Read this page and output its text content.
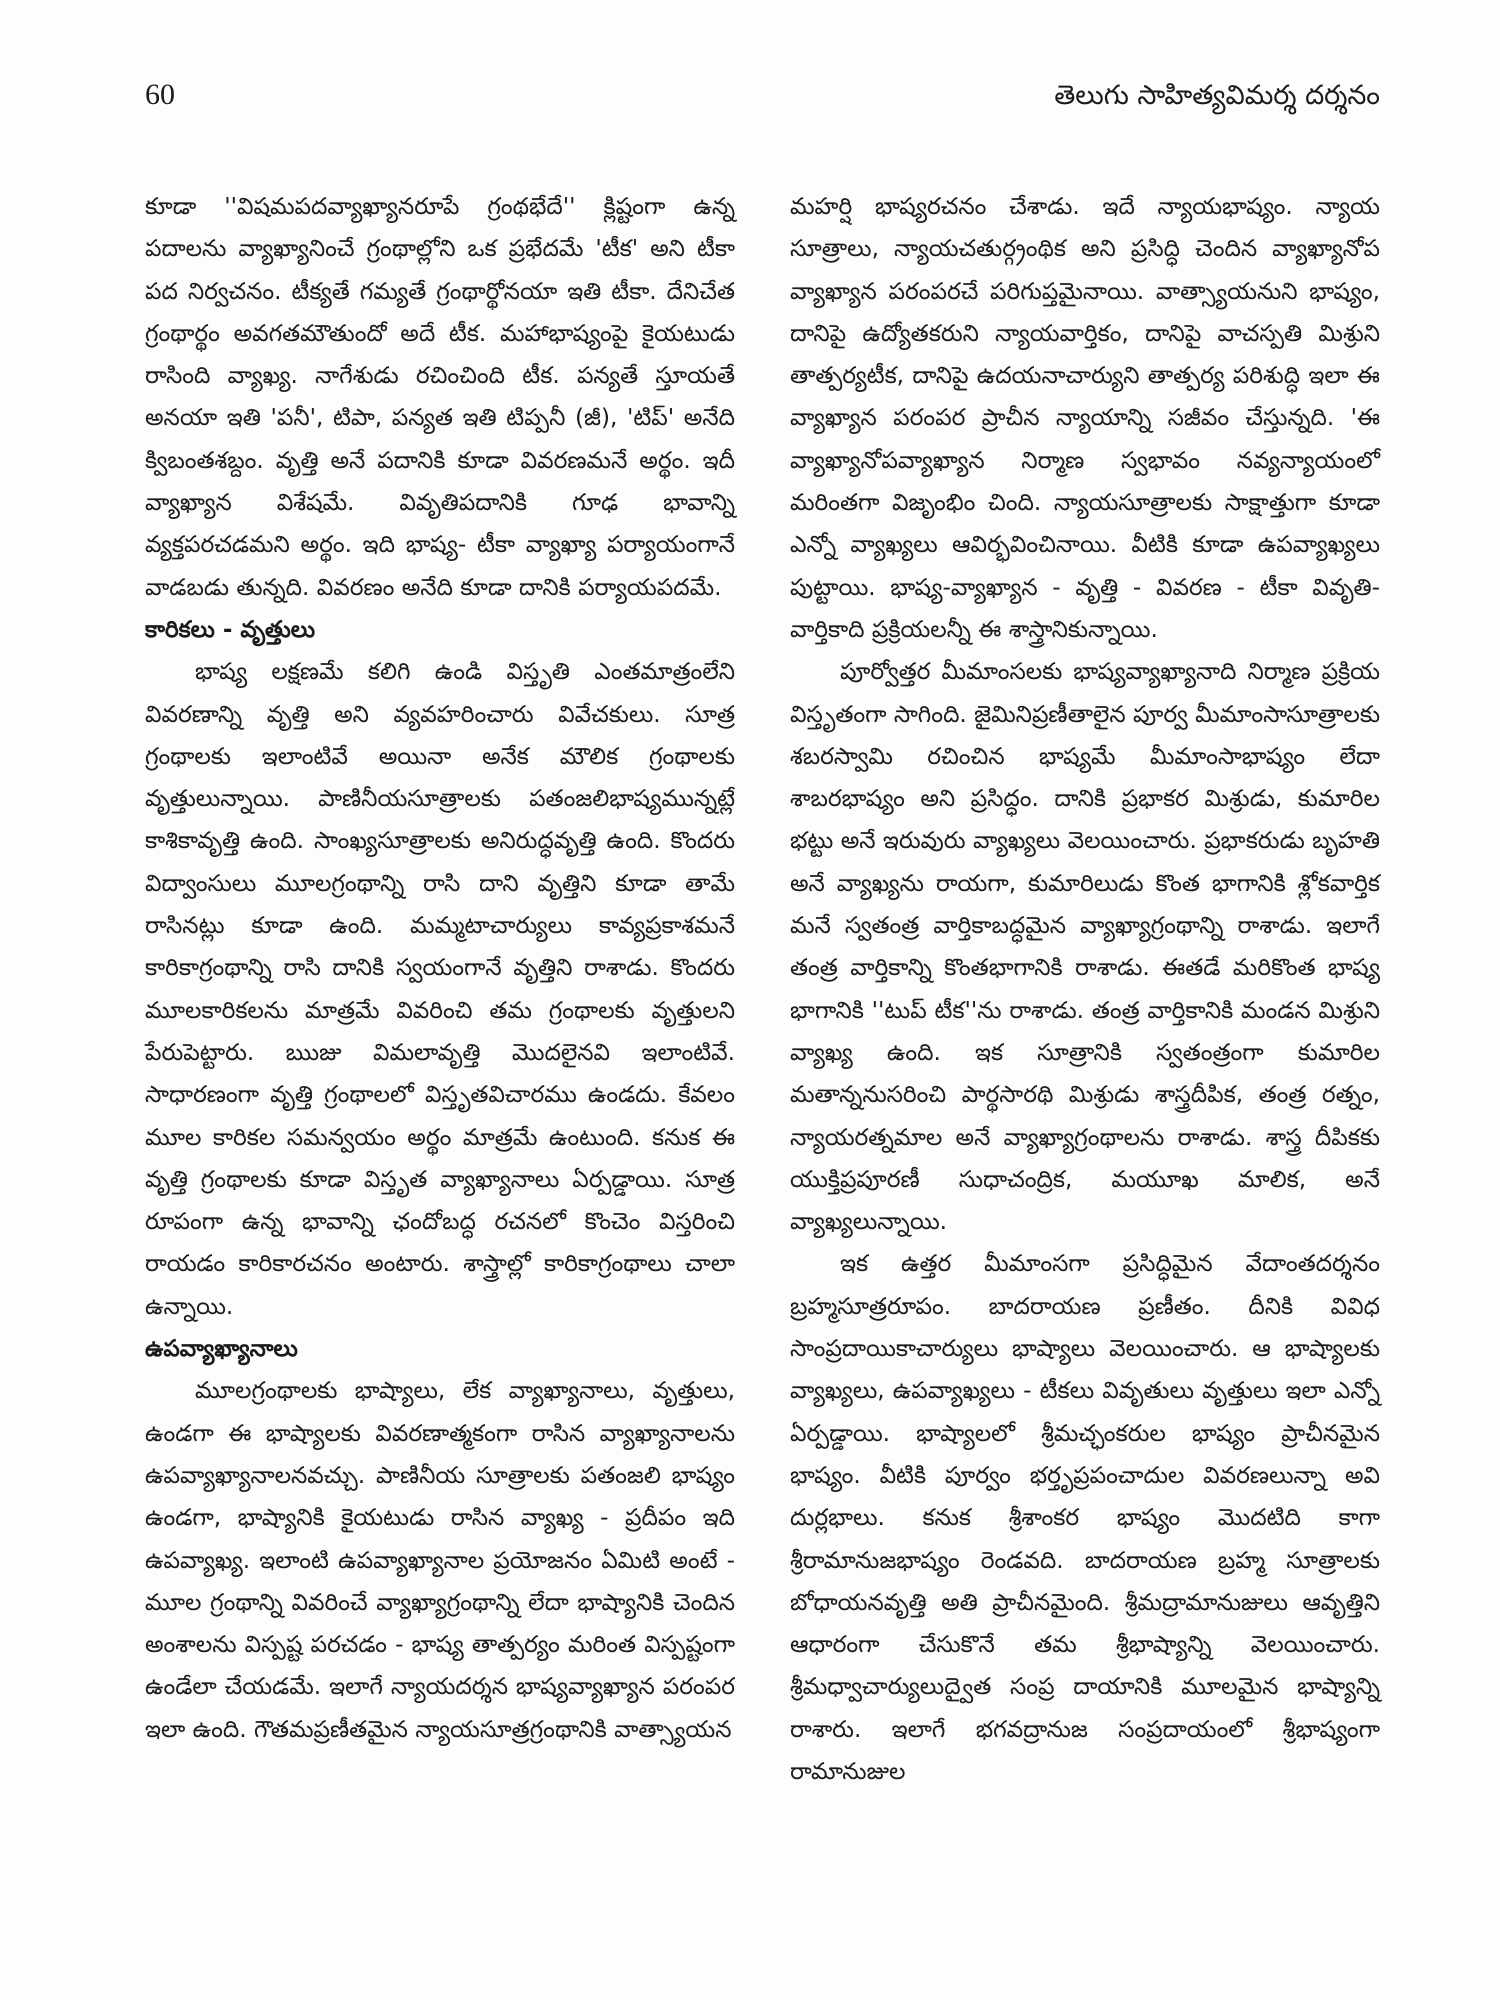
60	తెలుగు సాహిత్యవిమర్శ దర్శనం

కూడా ''విషమపదవ్యాఖ్యానరూపే గ్రంథభేదే'' క్లిష్టంగా ఉన్న పదాలను వ్యాఖ్యానించే గ్రంథాల్లోని ఒక ప్రభేదమే 'టీక' అని టీకా పద నిర్వచనం. టీక్యతే గమ్యతే గ్రంథార్థోనయా ఇతి టీకా. దేనిచేత గ్రంథార్థం అవగతమౌతుందో అదే టీక. మహాభాష్యంపై కైయటుడు రాసింది వ్యాఖ్య. నాగేశుడు రచించింది టీక. పన్యతే స్తూయతే అనయా ఇతి 'పనీ', టిపా, పన్యత ఇతి టిప్పనీ (జీ), 'టిప్' అనేది క్విబంతశబ్దం. వృత్తి అనే పదానికి కూడా వివరణమనే అర్థం. ఇదీ వ్యాఖ్యాన విశేషమే. వివృతిపదానికి గూఢ భావాన్ని వ్యక్తపరచడమని అర్థం. ఇది భాష్య- టీకా వ్యాఖ్యా పర్యాయంగానే వాడబడు తున్నది. వివరణం అనేది కూడా దానికి పర్యాయపదమే.

కారికలు - వృత్తులు

భాష్య లక్షణమే కలిగి ఉండి విస్తృతి ఎంతమాత్రంలేని వివరణాన్ని వృత్తి అని వ్యవహరించారు వివేచకులు. సూత్ర గ్రంథాలకు ఇలాంటివే అయినా అనేక మౌలిక గ్రంథాలకు వృత్తులున్నాయి. పాణినీయసూత్రాలకు పతంజలిభాష్యమున్నట్లే కాశికావృత్తి ఉంది. సాంఖ్యసూత్రాలకు అనిరుద్ధవృత్తి ఉంది. కొందరు విద్వాంసులు మూలగ్రంథాన్ని రాసి దాని వృత్తిని కూడా తామే రాసినట్లు కూడా ఉంది. మమ్మటాచార్యులు కావ్యప్రకాశమనే కారికాగ్రంథాన్ని రాసి దానికి స్వయంగానే వృత్తిని రాశాడు. కొందరు మూలకారికలను మాత్రమే వివరించి తమ గ్రంథాలకు వృత్తులని పేరుపెట్టారు. ఋజు విమలావృత్తి మొదలైనవి ఇలాంటివే. సాధారణంగా వృత్తి గ్రంథాలలో విస్తృతవిచారము ఉండదు. కేవలం మూల కారికల సమన్వయం అర్థం మాత్రమే ఉంటుంది. కనుక ఈ వృత్తి గ్రంథాలకు కూడా విస్తృత వ్యాఖ్యానాలు ఏర్పడ్డాయి. సూత్ర రూపంగా ఉన్న భావాన్ని ఛందోబద్ధ రచనలో కొంచెం విస్తరించి రాయడం కారికారచనం అంటారు. శాస్త్రాల్లో కారికాగ్రంథాలు చాలా ఉన్నాయి.

ఉపవ్యాఖ్యానాలు

మూలగ్రంథాలకు భాష్యాలు, లేక వ్యాఖ్యానాలు, వృత్తులు, ఉండగా ఈ భాష్యాలకు వివరణాత్మకంగా రాసిన వ్యాఖ్యానాలను ఉపవ్యాఖ్యానాలనవచ్చు. పాణినీయ సూత్రాలకు పతంజలి భాష్యం ఉండగా, భాష్యానికి కైయటుడు రాసిన వ్యాఖ్య - ప్రదీపం ఇది ఉపవ్యాఖ్య. ఇలాంటి ఉపవ్యాఖ్యానాల ప్రయోజనం ఏమిటి అంటే - మూల గ్రంథాన్ని వివరించే వ్యాఖ్యాగ్రంథాన్ని లేదా భాష్యానికి చెందిన అంశాలను విస్పష్ట పరచడం - భాష్య తాత్పర్యం మరింత విస్పష్టంగా ఉండేలా చేయడమే. ఇలాగే న్యాయదర్శన భాష్యవ్యాఖ్యాన పరంపర ఇలా ఉంది. గౌతమప్రణీతమైన న్యాయసూత్రగ్రంథానికి వాత్స్యాయన

మహర్షి భాష్యరచనం చేశాడు. ఇదే న్యాయభాష్యం. న్యాయ సూత్రాలు, న్యాయచతుర్గ్రంథిక అని ప్రసిద్ధి చెందిన వ్యాఖ్యానోప వ్యాఖ్యాన పరంపరచే పరిగుప్తమైనాయి. వాత్స్యాయనుని భాష్యం, దానిపై ఉద్యోతకరుని న్యాయవార్తికం, దానిపై వాచస్పతి మిశ్రుని తాత్పర్యటీక, దానిపై ఉదయనాచార్యుని తాత్పర్య పరిశుద్ధి ఇలా ఈ వ్యాఖ్యాన పరంపర ప్రాచీన న్యాయాన్ని సజీవం చేస్తున్నది. 'ఈ వ్యాఖ్యానోపవ్యాఖ్యాన నిర్మాణ స్వభావం నవ్యన్యాయంలో మరింతగా విజృంభిం చింది. న్యాయసూత్రాలకు సాక్షాత్తుగా కూడా ఎన్నో వ్యాఖ్యలు ఆవిర్భవించినాయి. వీటికి కూడా ఉపవ్యాఖ్యలు పుట్టాయి. భాష్య-వ్యాఖ్యాన - వృత్తి - వివరణ - టీకా వివృతి- వార్తికాది ప్రక్రియలన్నీ ఈ శాస్త్రానికున్నాయి.

పూర్వోత్తర మీమాంసలకు భాష్యవ్యాఖ్యానాది నిర్మాణ ప్రక్రియ విస్తృతంగా సాగింది. జైమినిప్రణీతాలైన పూర్వ మీమాంసాసూత్రాలకు శబరస్వామి రచించిన భాష్యమే మీమాంసాభాష్యం లేదా శాబరభాష్యం అని ప్రసిద్ధం. దానికి ప్రభాకర మిశ్రుడు, కుమారిల భట్టు అనే ఇరువురు వ్యాఖ్యలు వెలయించారు. ప్రభాకరుడు బృహతి అనే వ్యాఖ్యను రాయగా, కుమారిలుడు కొంత భాగానికి శ్లోకవార్తిక మనే స్వతంత్ర వార్తికాబద్ధమైన వ్యాఖ్యాగ్రంథాన్ని రాశాడు. ఇలాగే తంత్ర వార్తికాన్ని కొంతభాగానికి రాశాడు. ఈతడే మరికొంత భాష్య భాగానికి ''టుప్ టీక''ను రాశాడు. తంత్ర వార్తికానికి మండన మిశ్రుని వ్యాఖ్య ఉంది. ఇక సూత్రానికి స్వతంత్రంగా కుమారిల మతాన్ననుసరించి పార్థసారథి మిశ్రుడు శాస్త్రదీపిక, తంత్ర రత్నం, న్యాయరత్నమాల అనే వ్యాఖ్యాగ్రంథాలను రాశాడు. శాస్త్ర దీపికకు యుక్తిప్రపూరణీ సుధాచంద్రిక, మయూఖ మాలిక, అనే వ్యాఖ్యలున్నాయి.

ఇక ఉత్తర మీమాంసగా ప్రసిద్ధిమైన వేదాంతదర్శనం బ్రహ్మసూత్రరూపం. బాదరాయణ ప్రణీతం. దీనికి వివిధ సాంప్రదాయికాచార్యులు భాష్యాలు వెలయించారు. ఆ భాష్యాలకు వ్యాఖ్యలు, ఉపవ్యాఖ్యలు - టీకలు వివృతులు వృత్తులు ఇలా ఎన్నో ఏర్పడ్డాయి. భాష్యాలలో శ్రీమచ్ఛంకరుల భాష్యం ప్రాచీనమైన భాష్యం. వీటికి పూర్వం భర్తృప్రపంచాదుల వివరణలున్నా అవి దుర్లభాలు. కనుక శ్రీశాంకర భాష్యం మొదటిది కాగా శ్రీరామానుజభాష్యం రెండవది. బాదరాయణ బ్రహ్మ సూత్రాలకు బోధాయనవృత్తి అతి ప్రాచీనమైంది. శ్రీమద్రామానుజులు ఆవృత్తిని ఆధారంగా చేసుకొనే తమ శ్రీభాష్యాన్ని వెలయించారు. శ్రీమధ్వాచార్యులుద్వైత సంప్ర దాయానికి మూలమైన భాష్యాన్ని రాశారు. ఇలాగే భగవద్రానుజ సంప్రదాయంలో శ్రీభాష్యంగా రామానుజుల
